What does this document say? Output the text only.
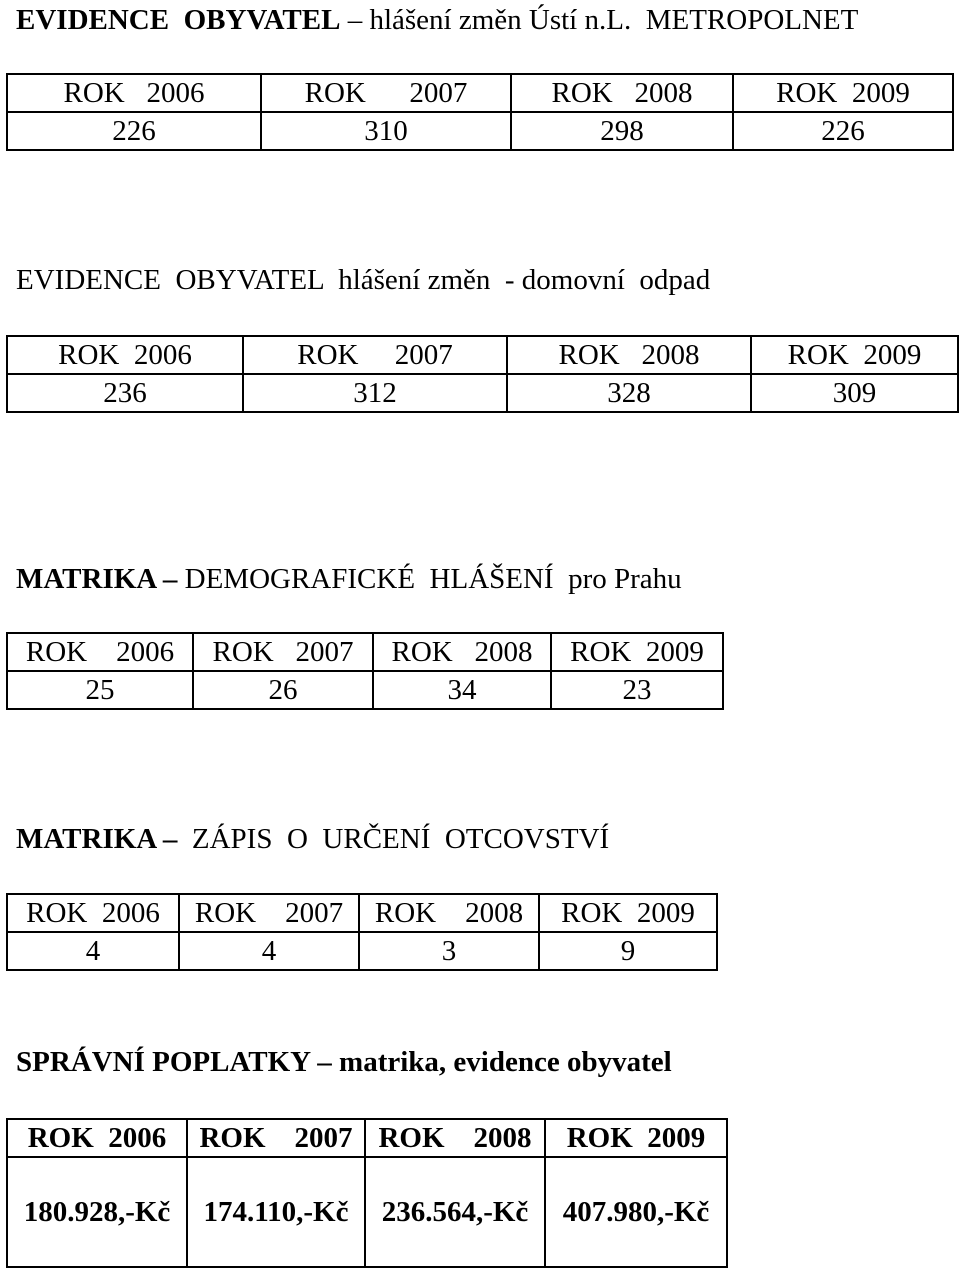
EVIDENCE  OBYVATEL – hlášení změn Ústí n.L.  METROPOLNET
ROK   2006	ROK      2007	ROK   2008	ROK  2009
226	310	298	226
EVIDENCE  OBYVATEL  hlášení změn  - domovní  odpad
ROK  2006	ROK     2007	ROK   2008	ROK  2009
236	312	328	309
MATRIKA – DEMOGRAFICKÉ  HLÁŠENÍ  pro Prahu
ROK    2006	ROK   2007	ROK   2008	ROK  2009
25	26	34	23
MATRIKA –  ZÁPIS  O  URČENÍ  OTCOVSTVÍ
ROK  2006	ROK    2007	ROK    2008	ROK  2009
4	4	3	9
SPRÁVNÍ POPLATKY – matrika, evidence obyvatel
ROK  2006	ROK    2007	ROK    2008	ROK  2009
180.928,-Kč	174.110,-Kč	236.564,-Kč	407.980,-Kč
